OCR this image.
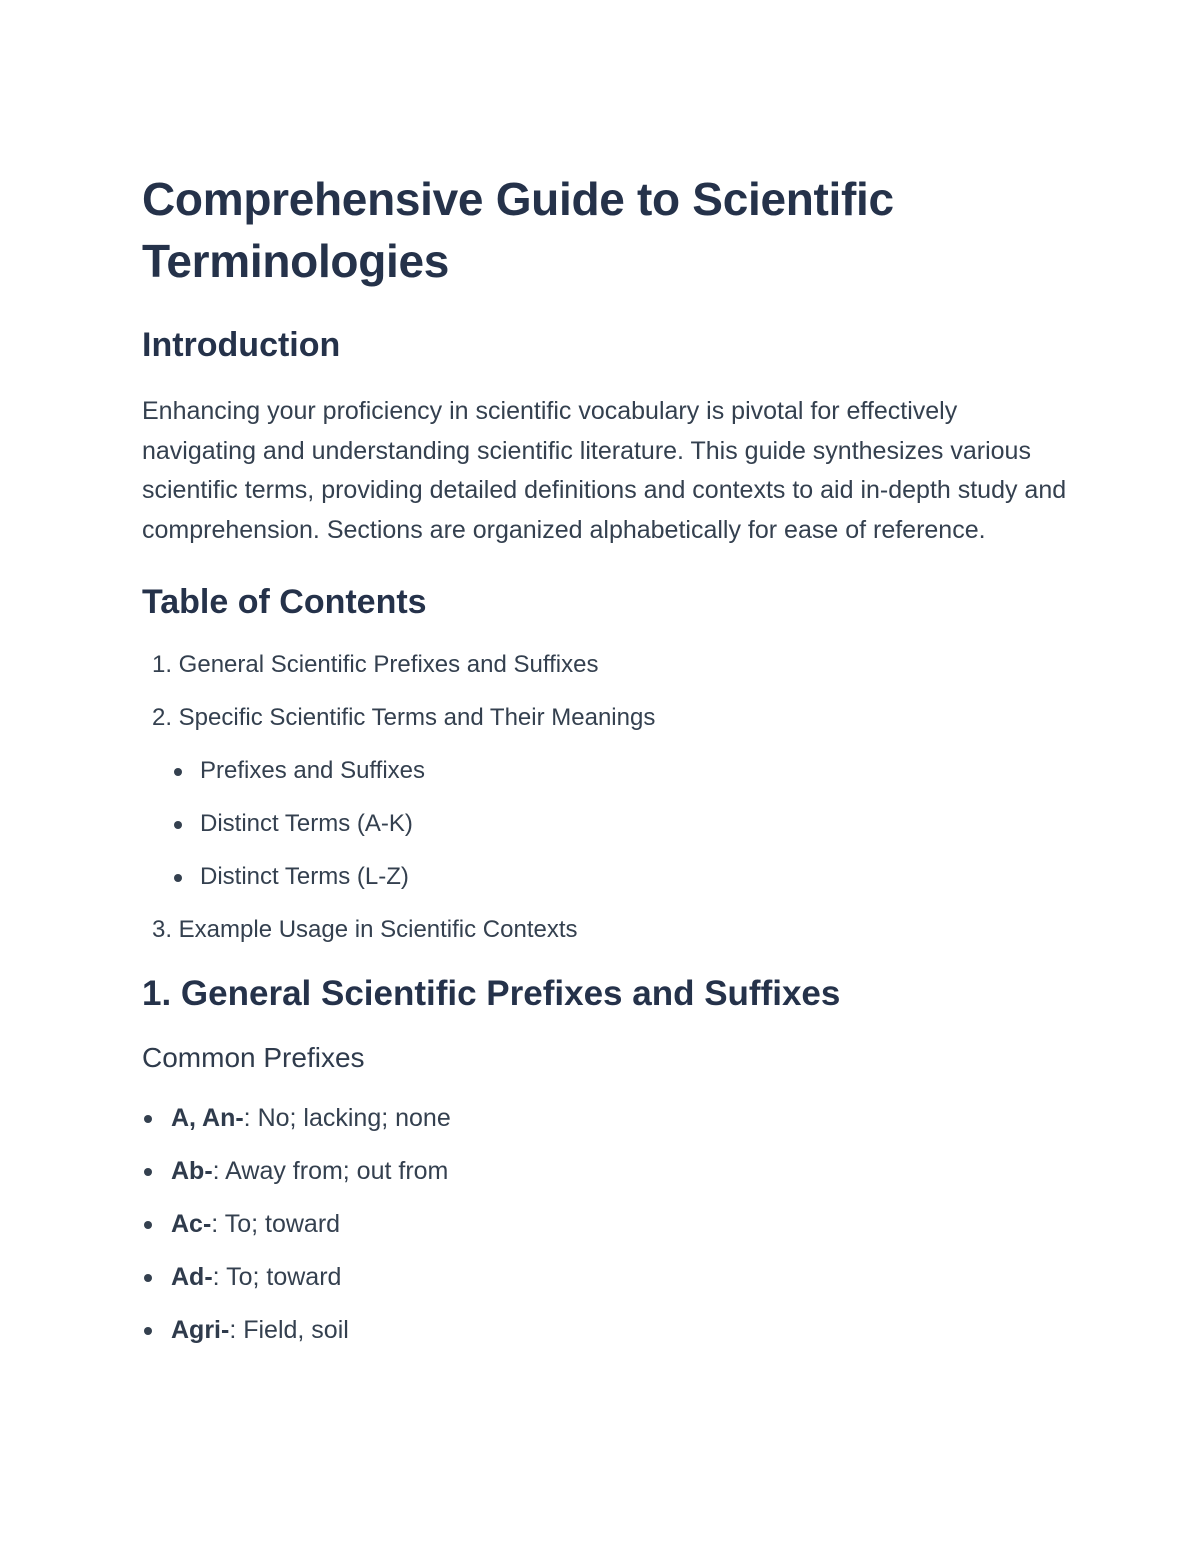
Comprehensive Guide to Scientific Terminologies
Introduction

Enhancing your proficiency in scientific vocabulary is pivotal for effectively navigating and understanding scientific literature. This guide synthesizes various scientific terms, providing detailed definitions and contexts to aid in-depth study and comprehension. Sections are organized alphabetically for ease of reference.

Table of Contents
1. General Scientific Prefixes and Suffixes
2. Specific Scientific Terms and Their Meanings
Prefixes and Suffixes
Distinct Terms (A-K)
Distinct Terms (L-Z)
3. Example Usage in Scientific Contexts
1. General Scientific Prefixes and Suffixes
Common Prefixes
A, An-: No; lacking; none
Ab-: Away from; out from
Ac-: To; toward
Ad-: To; toward
Agri-: Field, soil
